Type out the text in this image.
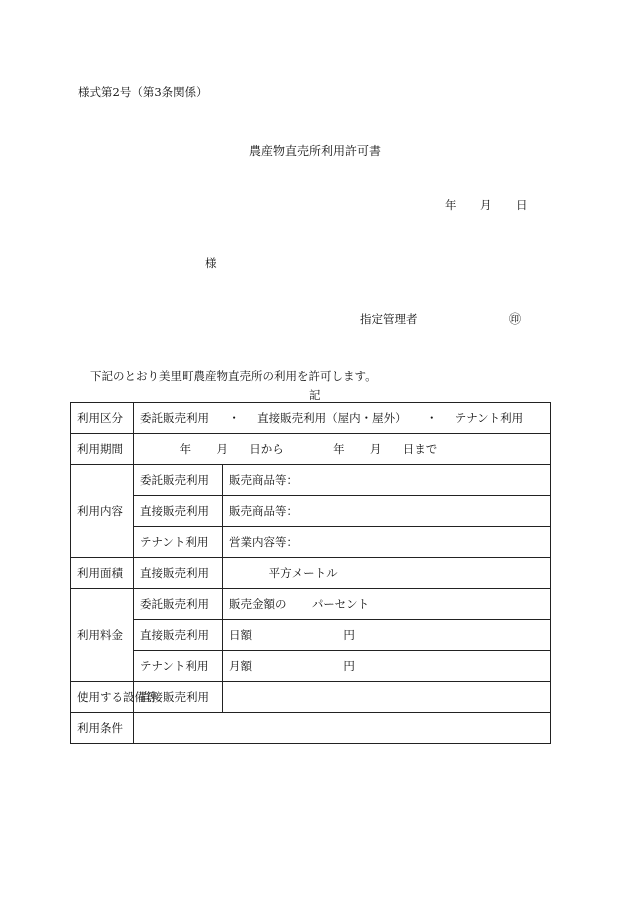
様式第2号（第3条関係）
農産物直売所利用許可書
年 月 日
様
指定管理者	㊞
下記のとおり美里町農産物直売所の利用を許可します。
記
利用区分	委託販売利用 ・ 直接販売利用（屋内・屋外） ・ テナント利用	
利用期間	年 月 日から 年 月 日まで	
利用内容	委託販売利用	販売商品等：
	直接販売利用	販売商品等：
	テナント利用	営業内容等：
利用面積	直接販売利用	平方メートル
利用料金	委託販売利用	販売金額の パーセント
	直接販売利用	日額 円
	テナント利用	月額 円
使用する設備等	直接販売利用	
利用条件		
